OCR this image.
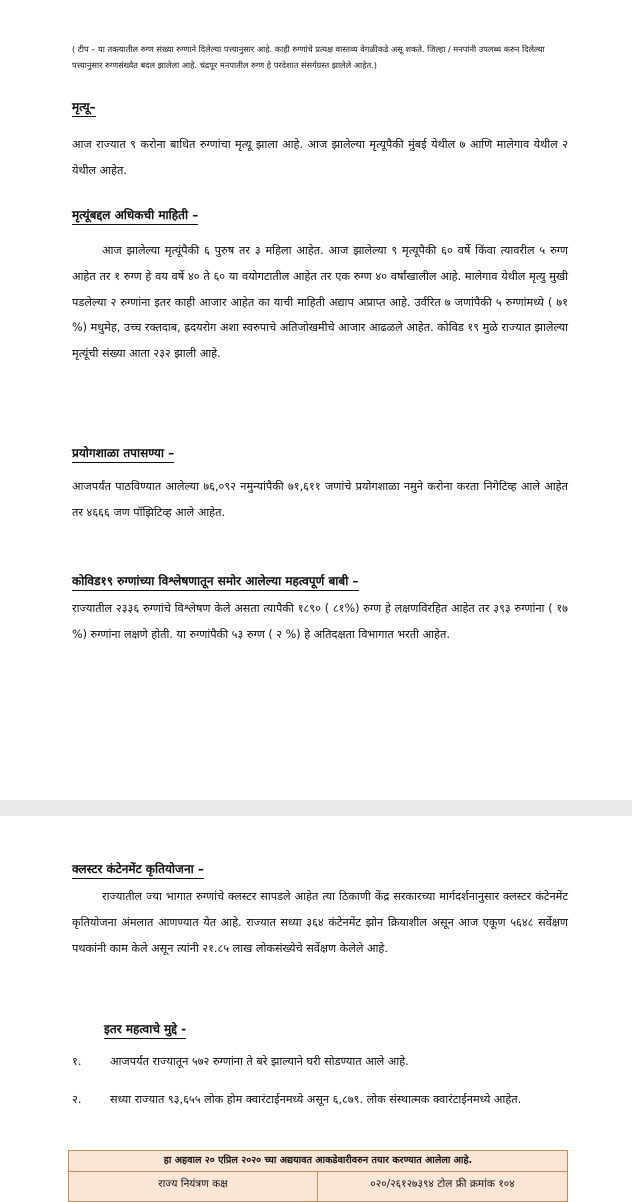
( टीप – या तक्त्यातील रुग्ण संख्या रुग्णाने दिलेल्या पत्त्यानुसार आहे. काही रुग्णांचे प्रत्यक्ष वास्तव्य वेगळीकडे असू शकते. जिल्हा / मनपांनी उपलब्ध करुन दिलेल्या पत्त्यानुसार रुग्णसंख्येत बदल झालेला आहे. चंद्रपूर मनपातील रुग्ण हे परदेशात संसर्गग्रस्त झालेले आहेत.)
मृत्यू–
आज राज्यात ९ करोना बाधित रुग्णांचा मृत्यू झाला आहे. आज झालेल्या मृत्यूपैकी मुंबई येथील ७ आणि मालेगाव येथील २ येथील आहेत.
मृत्यूंबद्दल अधिकची माहिती –
आज झालेल्या मृत्यूंपैकी ६ पुरुष तर ३ महिला आहेत. आज झालेल्या ९ मृत्यूपैकी ६० वर्षे किंवा त्यावरील ५ रुग्ण आहेत तर १ रुग्ण हे वय वर्षे ४० ते ६० या वयोगटातील आहेत तर एक रुग्ण ४० वर्षांखालील आहे. मालेगाव येथील मृत्यु मुखी पडलेल्या २ रुग्णांना इतर काही आजार आहेत का याची माहिती अद्याप अप्राप्त आहे. उर्वरित ७ जणांपैकी ५ रुग्णांमध्ये ( ७१ %) मधुमेह, उच्च रक्तदाब, ह्रदयरोग अशा स्वरुपाचे अतिजोखमीचे आजार आढळले आहेत. कोविड १९ मुळे राज्यात झालेल्या मृत्यूंची संख्या आता २३२ झाली आहे.
प्रयोगशाळा तपासण्या –
आजपर्यंत पाठविण्यात आलेल्या ७६,०९२ नमुन्यांपैकी ७१,६११ जणांचे प्रयोगशाळा नमुने करोना करता निगेटिव्ह आले आहेत तर ४६६६ जण पॉझिटिव्ह आले आहेत.
कोविड१९ रुग्णांच्या विश्लेषणातून समोर आलेल्या महत्वपूर्ण बाबी –
राज्यातील २३३६ रुग्णांचे विश्लेषण केले असता त्यापैकी १८९० ( ८१%) रुग्ण हे लक्षणविरहित आहेत तर ३९३ रुग्णांना ( १७ %) रुग्णांना लक्षणे होती. या रुग्णांपैकी ५३ रुग्ण ( २ %) हे अतिदक्षता विभागात भरती आहेत.
क्लस्टर कंटेनमेंट कृतियोजना –
राज्यातील ज्या भागात रुग्णांचे क्लस्टर सापडले आहेत त्या ठिकाणी केंद्र सरकारच्या मार्गदर्शनानुसार क्लस्टर कंटेनमेंट कृतियोजना अंमलात आणण्यात येत आहे. राज्यात सध्या ३६४ कंटेनमेंट झोन क्रियाशील असून आज एकूण ५६४८ सर्वेक्षण पथकांनी काम केले असून त्यांनी २१.८५ लाख लोकसंख्येचे सर्वेक्षण केलेले आहे.
इतर महत्वाचे मुद्दे -
१.	आजपर्यंत राज्यातून ५७२ रुग्णांना ते बरे झाल्याने घरी सोडण्यात आले आहे.
२.	सध्या राज्यात ९३,६५५ लोक होम क्वारंटाईनमध्ये असून ६,८७९. लोक संस्थात्मक क्वारंटाईनमध्ये आहेत.
हा अहवाल २० एप्रिल २०२० च्या अद्ययावत आकडेवारीवरुन तयार करण्यात आलेला आहे.
राज्य नियंत्रण कक्ष	०२०/२६१२७३९४ टोल फ्री क्रमांक १०४
